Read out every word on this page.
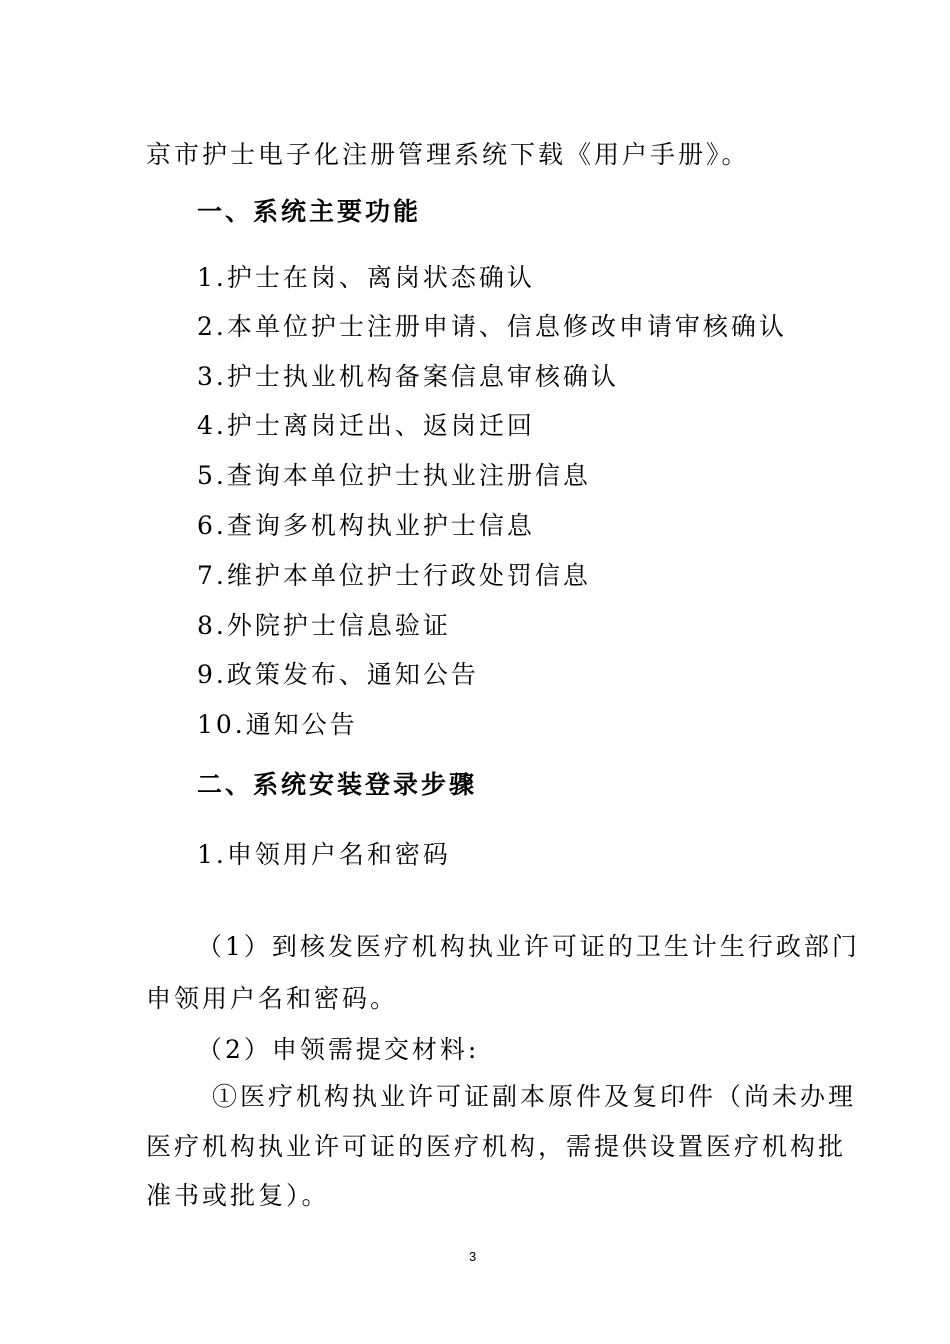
京市护士电子化注册管理系统下载《用户手册》。
一、系统主要功能
1.护士在岗、离岗状态确认
2.本单位护士注册申请、信息修改申请审核确认
3.护士执业机构备案信息审核确认
4.护士离岗迁出、返岗迁回
5.查询本单位护士执业注册信息
6.查询多机构执业护士信息
7.维护本单位护士行政处罚信息
8.外院护士信息验证
9.政策发布、通知公告
10.通知公告
二、系统安装登录步骤
1.申领用户名和密码
（1）到核发医疗机构执业许可证的卫生计生行政部门
申领用户名和密码。
（2）申领需提交材料:
①医疗机构执业许可证副本原件及复印件（尚未办理
医疗机构执业许可证的医疗机构，需提供设置医疗机构批
准书或批复）。
3
